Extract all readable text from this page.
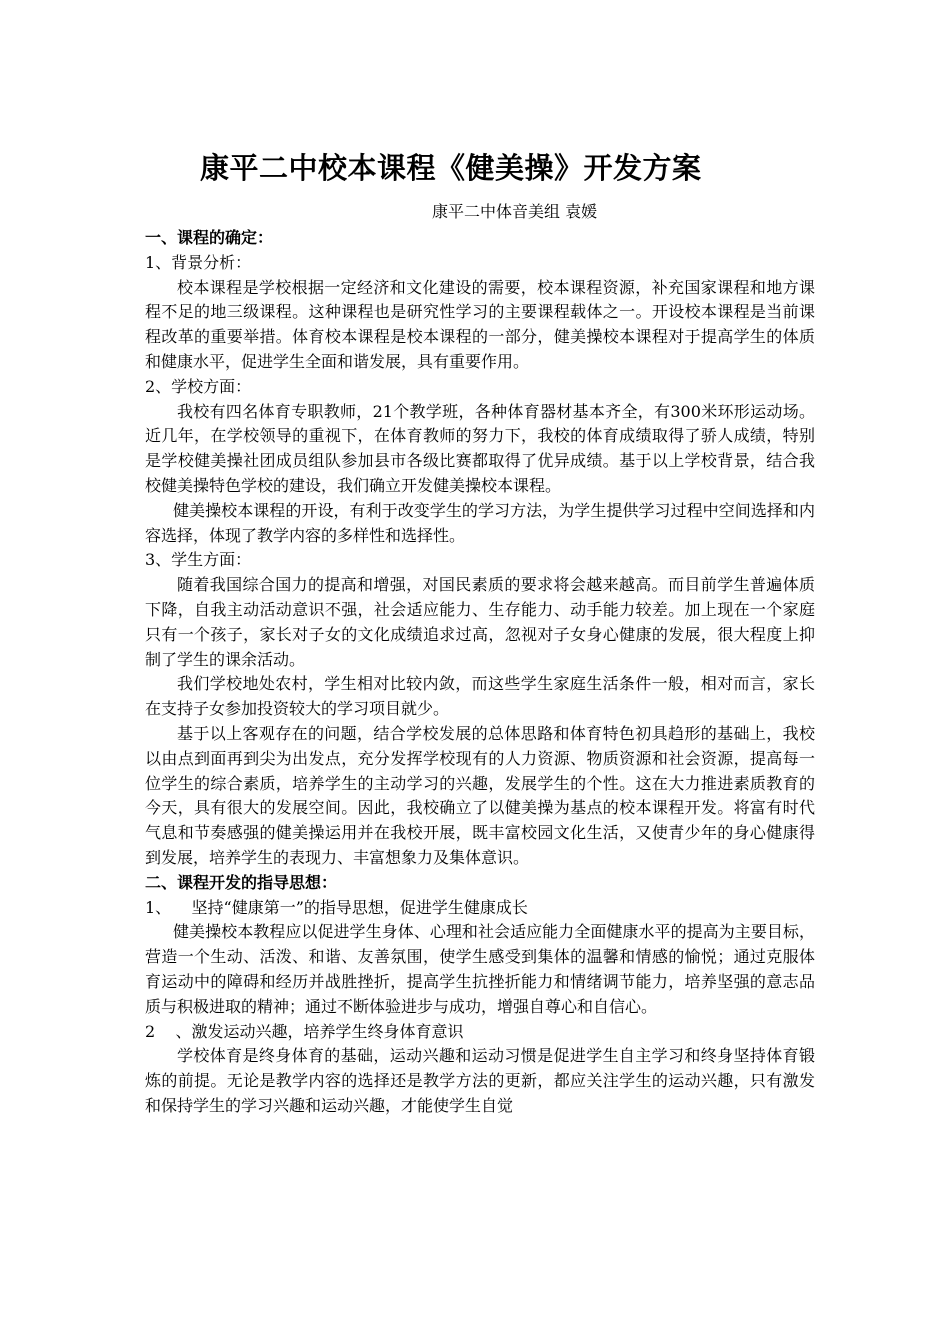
康平二中校本课程《健美操》开发方案
康平二中体音美组 袁媛

一、课程的确定：

1、背景分析：

校本课程是学校根据一定经济和文化建设的需要，校本课程资源，补充国家课程和地方课程不足的地三级课程。这种课程也是研究性学习的主要课程载体之一。开设校本课程是当前课程改革的重要举措。体育校本课程是校本课程的一部分，健美操校本课程对于提高学生的体质和健康水平，促进学生全面和谐发展，具有重要作用。

2、学校方面：

我校有四名体育专职教师，21个教学班，各种体育器材基本齐全，有300米环形运动场。近几年，在学校领导的重视下，在体育教师的努力下，我校的体育成绩取得了骄人成绩，特别是学校健美操社团成员组队参加县市各级比赛都取得了优异成绩。基于以上学校背景，结合我校健美操特色学校的建设，我们确立开发健美操校本课程。

健美操校本课程的开设，有利于改变学生的学习方法，为学生提供学习过程中空间选择和内容选择，体现了教学内容的多样性和选择性。

3、学生方面：

随着我国综合国力的提高和增强，对国民素质的要求将会越来越高。而目前学生普遍体质下降，自我主动活动意识不强，社会适应能力、生存能力、动手能力较差。加上现在一个家庭只有一个孩子，家长对子女的文化成绩追求过高，忽视对子女身心健康的发展，很大程度上抑制了学生的课余活动。

我们学校地处农村，学生相对比较内敛，而这些学生家庭生活条件一般，相对而言，家长在支持子女参加投资较大的学习项目就少。

基于以上客观存在的问题，结合学校发展的总体思路和体育特色初具趋形的基础上，我校以由点到面再到尖为出发点，充分发挥学校现有的人力资源、物质资源和社会资源，提高每一位学生的综合素质，培养学生的主动学习的兴趣，发展学生的个性。这在大力推进素质教育的今天，具有很大的发展空间。因此，我校确立了以健美操为基点的校本课程开发。将富有时代气息和节奏感强的健美操运用并在我校开展，既丰富校园文化生活，又使青少年的身心健康得到发展，培养学生的表现力、丰富想象力及集体意识。

二、课程开发的指导思想：

1、    坚持“健康第一”的指导思想，促进学生健康成长

健美操校本教程应以促进学生身体、心理和社会适应能力全面健康水平的提高为主要目标，营造一个生动、活泼、和谐、友善氛围，使学生感受到集体的温馨和情感的愉悦；通过克服体育运动中的障碍和经历并战胜挫折，提高学生抗挫折能力和情绪调节能力，培养坚强的意志品质与积极进取的精神；通过不断体验进步与成功，增强自尊心和自信心。

2    、激发运动兴趣，培养学生终身体育意识

学校体育是终身体育的基础，运动兴趣和运动习惯是促进学生自主学习和终身坚持体育锻炼的前提。无论是教学内容的选择还是教学方法的更新，都应关注学生的运动兴趣，只有激发和保持学生的学习兴趣和运动兴趣，才能使学生自觉
